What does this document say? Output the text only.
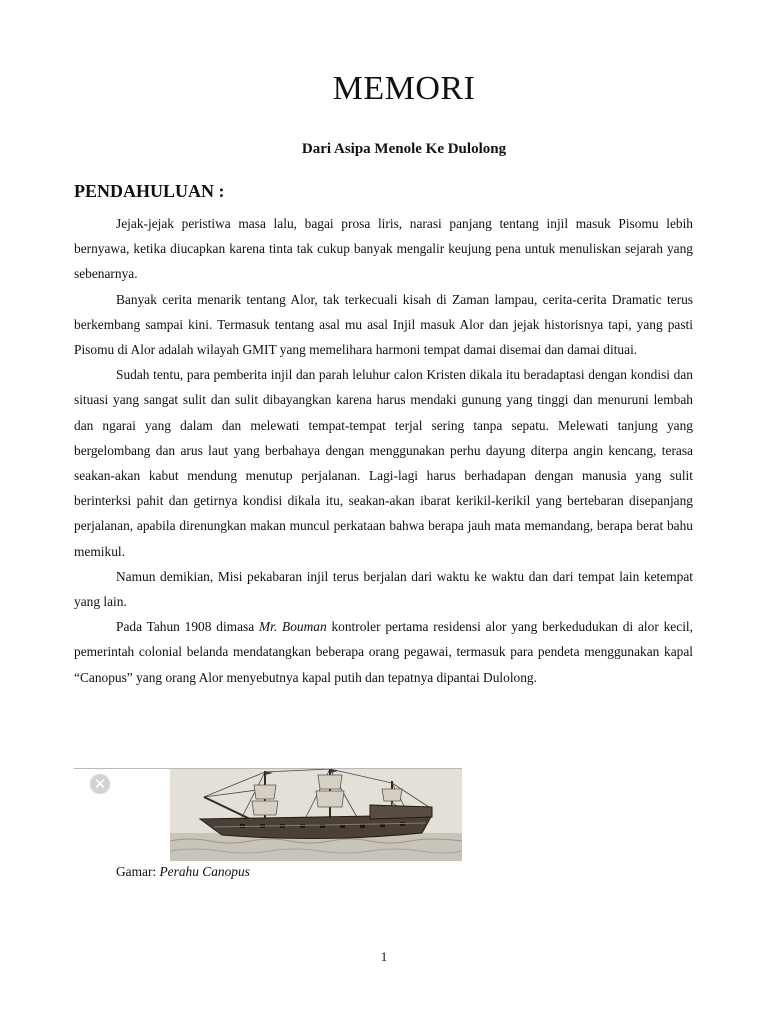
MEMORI
Dari Asipa Menole Ke Dulolong
PENDAHULUAN :

Jejak-jejak peristiwa masa lalu, bagai prosa liris, narasi panjang tentang injil masuk Pisomu lebih bernyawa, ketika diucapkan karena tinta tak cukup banyak mengalir keujung pena untuk menuliskan sejarah yang sebenarnya.

Banyak cerita menarik tentang Alor, tak terkecuali kisah di Zaman lampau, cerita-cerita Dramatic terus berkembang sampai kini. Termasuk tentang asal mu asal Injil masuk Alor dan jejak historisnya tapi, yang pasti Pisomu di Alor adalah wilayah GMIT yang memelihara harmoni tempat damai disemai dan damai dituai.

Sudah tentu, para pemberita injil dan parah leluhur calon Kristen dikala itu beradaptasi dengan kondisi dan situasi yang sangat sulit dan sulit dibayangkan karena harus mendaki gunung yang tinggi dan menuruni lembah dan ngarai yang dalam dan melewati tempat-tempat terjal sering tanpa sepatu. Melewati tanjung yang bergelombang dan arus laut yang berbahaya dengan menggunakan perhu dayung diterpa angin kencang, terasa seakan-akan kabut mendung menutup perjalanan. Lagi-lagi harus berhadapan dengan manusia yang sulit berinterksi pahit dan getirnya kondisi dikala itu, seakan-akan ibarat kerikil-kerikil yang bertebaran disepanjang perjalanan, apabila direnungkan makan muncul perkataan bahwa berapa jauh mata memandang, berapa berat bahu memikul.

Namun demikian, Misi pekabaran injil terus berjalan dari waktu ke waktu dan dari tempat lain ketempat yang lain.

Pada Tahun 1908 dimasa Mr. Bouman kontroler pertama residensi alor yang berkedudukan di alor kecil, pemerintah colonial belanda mendatangkan beberapa orang pegawai, termasuk para pendeta menggunakan kapal “Canopus” yang orang Alor menyebutnya kapal putih dan tepatnya dipantai Dulolong.

✕
Gamar: Perahu Canopus
1
